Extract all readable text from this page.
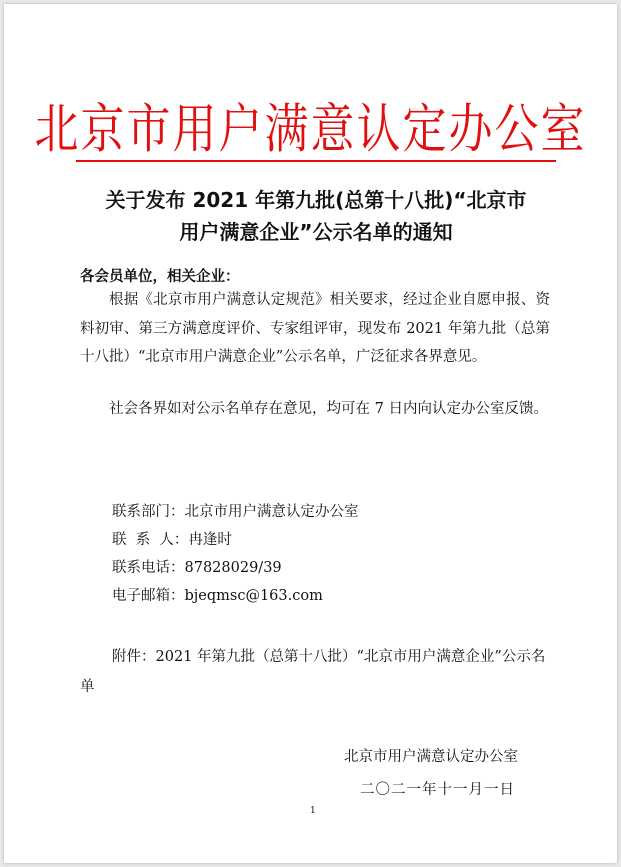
北京市用户满意认定办公室
关于发布 2021 年第九批(总第十八批)“北京市
用户满意企业”公示名单的通知
各会员单位，相关企业：
根据《北京市用户满意认定规范》相关要求，经过企业自愿申报、资料初审、第三方满意度评价、专家组评审，现发布 2021 年第九批（总第十八批）“北京市用户满意企业”公示名单，广泛征求各界意见。
社会各界如对公示名单存在意见，均可在 7 日内向认定办公室反馈。
联系部门：北京市用户满意认定办公室
联  系  人：冉逢时
联系电话：87828029/39
电子邮箱：bjeqmsc@163.com
附件：2021 年第九批（总第十八批）“北京市用户满意企业”公示名单
北京市用户满意认定办公室
二〇二一年十一月一日
1
